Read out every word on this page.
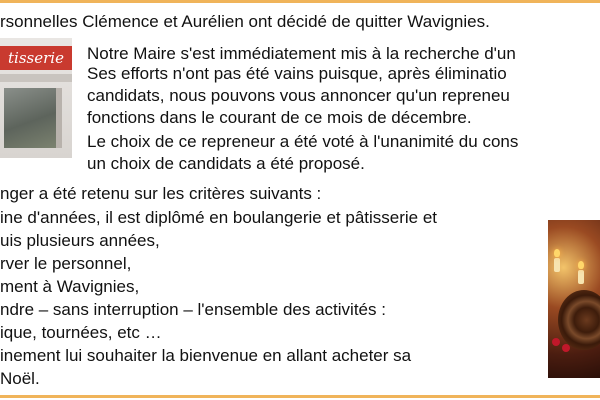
rsonnelles Clémence et Aurélien ont décidé de quitter Wavignies.

tisserie	Notre Maire s'est immédiatement mis à la recherche d'un

Ses efforts n'ont pas été vains puisque, après éliminatio

candidats, nous pouvons vous annoncer qu'un repreneu

fonctions dans le courant de ce mois de décembre.

Le choix de ce repreneur a été voté à l'unanimité du cons

un choix de candidats a été proposé.

nger a été retenu sur les critères suivants :

ine d'années, il est diplômé en boulangerie et pâtisserie et

uis plusieurs années,

rver le personnel,

ment à Wavignies,

ndre – sans interruption – l'ensemble des activités :

ique, tournées, etc …

inement lui souhaiter la bienvenue en allant acheter sa

Noël.
